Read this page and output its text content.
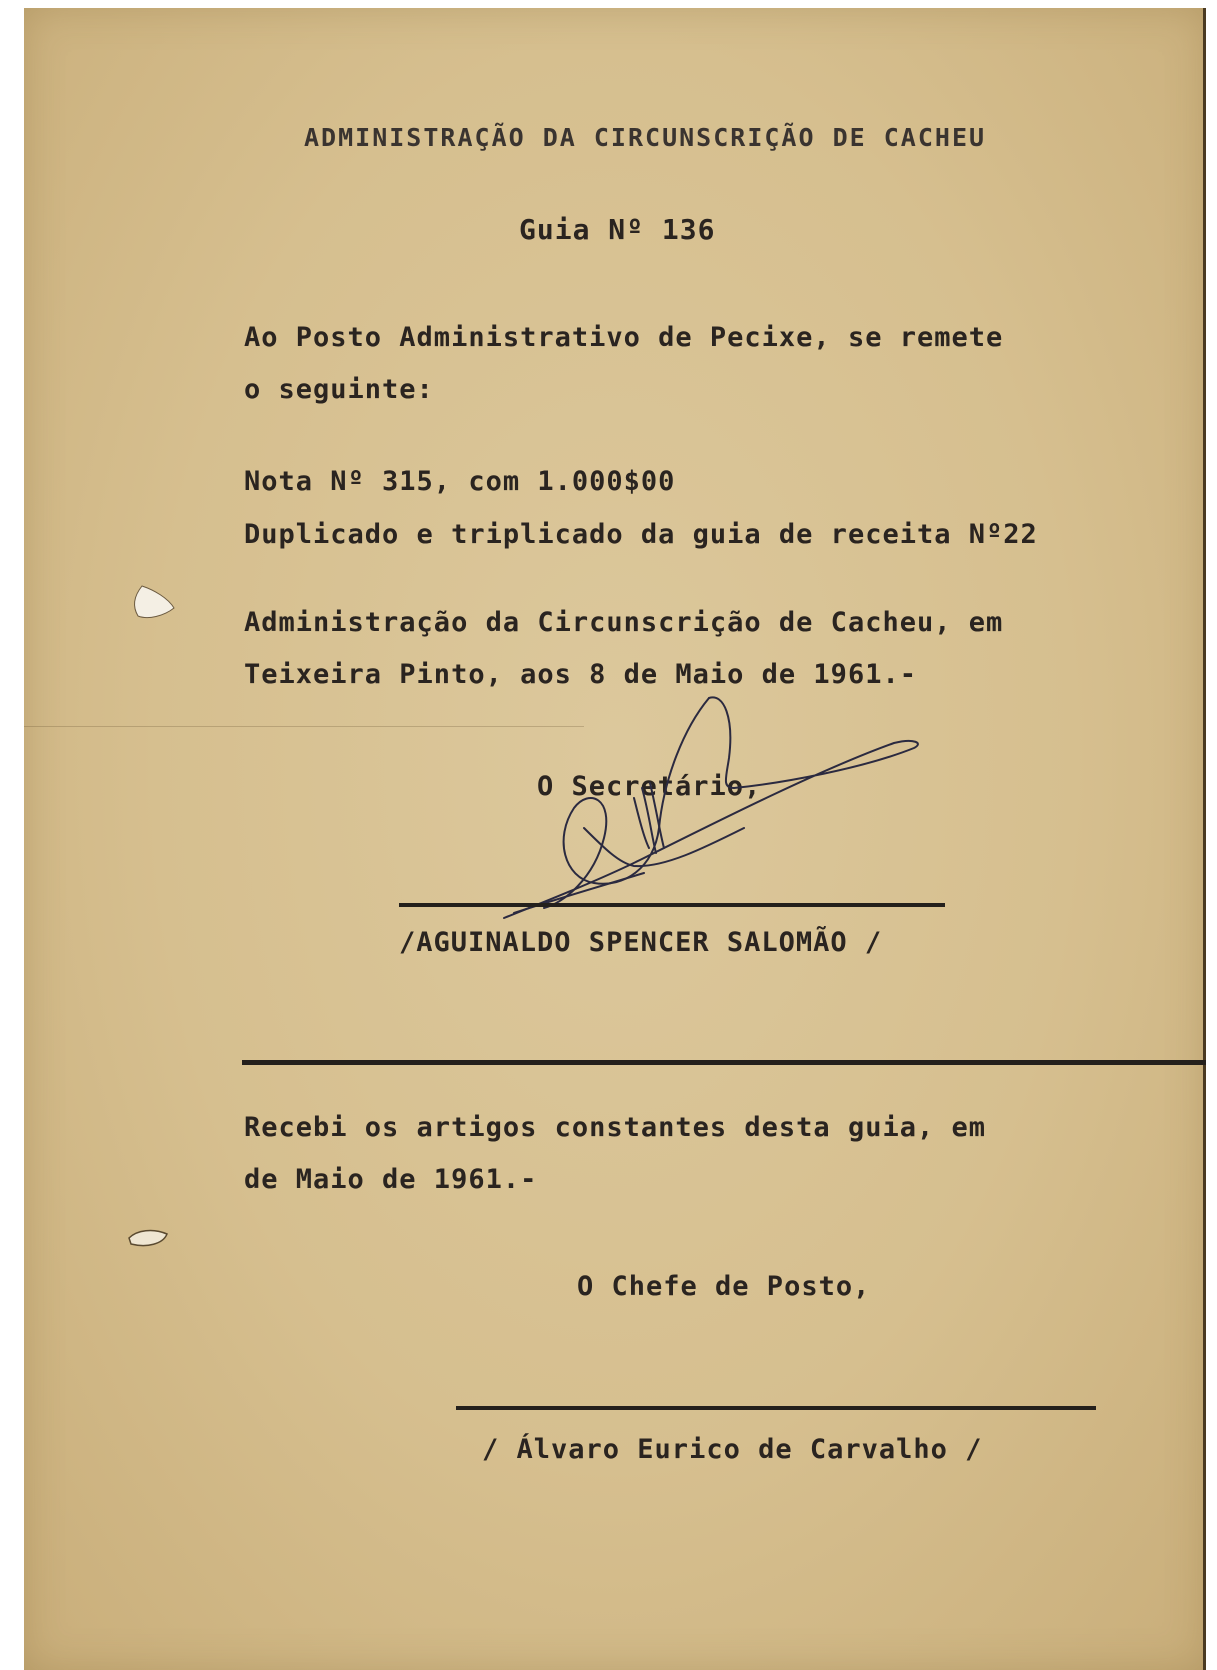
ADMINISTRAÇÃO DA CIRCUNSCRIÇÃO DE CACHEU
Guia Nº 136
Ao Posto Administrativo de Pecixe, se remete
o seguinte:
Nota Nº 315, com 1.000$00
Duplicado e triplicado da guia de receita Nº22
Administração da Circunscrição de Cacheu, em
Teixeira Pinto, aos 8 de Maio de 1961.-
O Secretário,
/AGUINALDO SPENCER SALOMÃO /
Recebi os artigos constantes desta guia, em
de Maio de 1961.-
O Chefe de Posto,
/ Álvaro Eurico de Carvalho /
